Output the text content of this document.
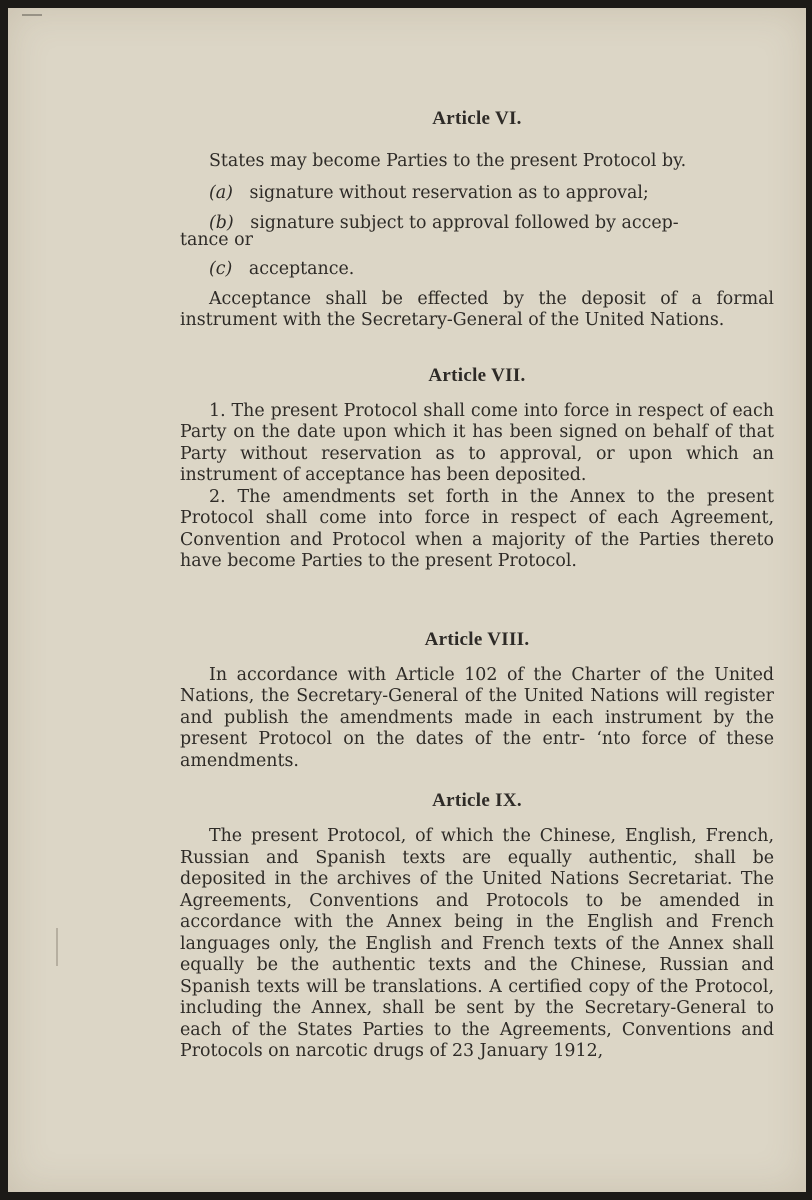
Article VI.

States may become Parties to the present Protocol by.

(a) signature without reservation as to approval;

(b) signature subject to approval followed by accep-
tance or

(c) acceptance.

Acceptance shall be effected by the deposit of a formal instrument with the Secretary-General of the United Nations.

Article VII.

1. The present Protocol shall come into force in respect of each Party on the date upon which it has been signed on behalf of that Party without reservation as to approval, or upon which an instrument of acceptance has been deposited.

2. The amendments set forth in the Annex to the present Protocol shall come into force in respect of each Agreement, Convention and Protocol when a majority of the Parties thereto have become Parties to the present Protocol.

Article VIII.

In accordance with Article 102 of the Charter of the United Nations, the Secretary-General of the United Nations will register and publish the amendments made in each instrument by the present Protocol on the dates of the entr‐ ‘nto force of these amendments.

Article IX.

The present Protocol, of which the Chinese, English, French, Russian and Spanish texts are equally authentic, shall be deposited in the archives of the United Nations Secretariat. The Agreements, Conventions and Protocols to be amended in accordance with the Annex being in the English and French languages only, the English and French texts of the Annex shall equally be the authentic texts and the Chinese, Russian and Spanish texts will be translations. A certified copy of the Protocol, including the Annex, shall be sent by the Secretary-General to each of the States Parties to the Agreements, Conventions and Protocols on narcotic drugs of 23 January 1912,
